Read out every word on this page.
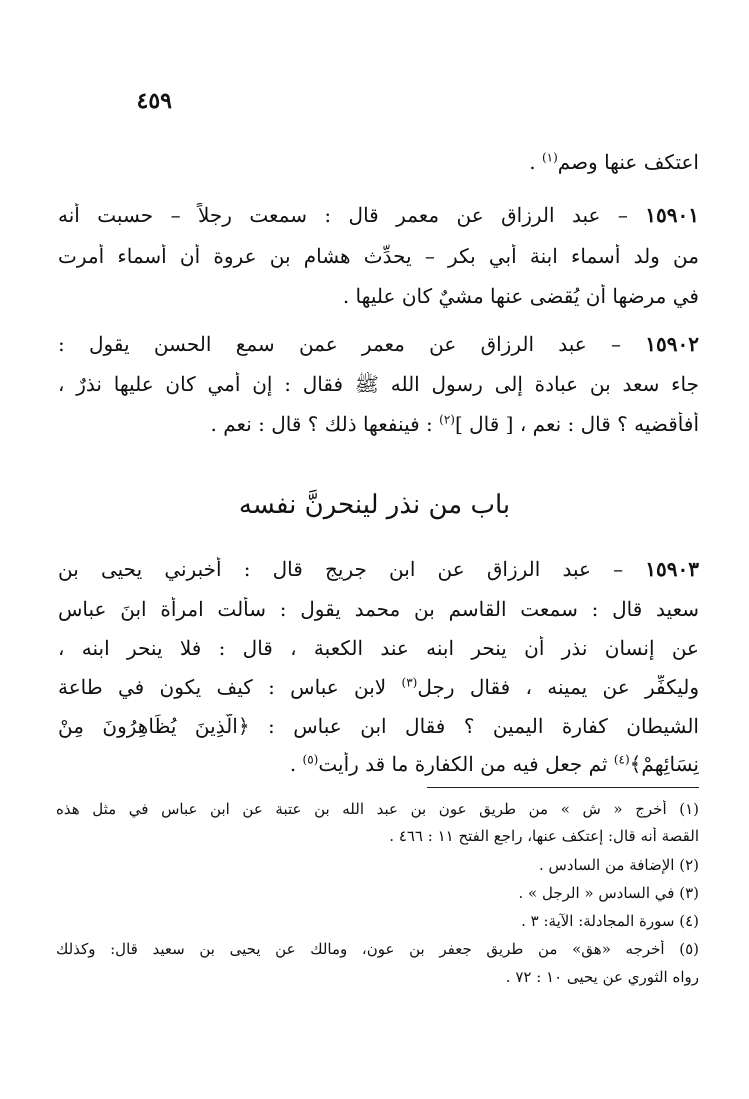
٤٥٩
اعتكف عنها وصم$^{(١)}$ .
١٥٩٠١ – عبد الرزاق عن معمر قال : سمعت رجلاً – حسبت أنه
من ولد أسماء ابنة أبي بكر – يحدِّث هشام بن عروة أن أسماء أمرت
في مرضها أن يُقضى عنها مشيٌ كان عليها .
١٥٩٠٢ – عبد الرزاق عن معمر عمن سمع الحسن يقول :
جاء سعد بن عبادة إلى رسول الله ﷺ فقال : إن أمي كان عليها نذرٌ ،
أفأقضيه ؟ قال : نعم ، [ قال ]$^{(٢)}$ : فينفعها ذلك ؟ قال : نعم .
باب من نذر لينحرنَّ نفسه
١٥٩٠٣ – عبد الرزاق عن ابن جريج قال : أخبرني يحيى بن
سعيد قال : سمعت القاسم بن محمد يقول : سألت امرأة ابنَ عباس
عن إنسان نذر أن ينحر ابنه عند الكعبة ، قال : فلا ينحر ابنه ،
وليكفِّر عن يمينه ، فقال رجل$^{(٣)}$ لابن عباس : كيف يكون في طاعة
الشيطان كفارة اليمين ؟ فقال ابن عباس : ﴿الَّذِينَ يُظَاهِرُونَ مِنْ
نِسَائِهِمْ﴾$^{(٤)}$ ثم جعل فيه من الكفارة ما قد رأيت$^{(٥)}$ .
(١) أخرج « ش » من طريق عون بن عبد الله بن عتبة عن ابن عباس في مثل هذه
القصة أنه قال: إعتكف عنها، راجع الفتح ١١ : ٤٦٦ .
(٢) الإضافة من السادس .
(٣) في السادس « الرجل » .
(٤) سورة المجادلة: الآية: ٣ .
(٥) أخرجه «هق» من طريق جعفر بن عون، ومالك عن يحيى بن سعيد قال: وكذلك
رواه الثوري عن يحيى ١٠ : ٧٢ .
